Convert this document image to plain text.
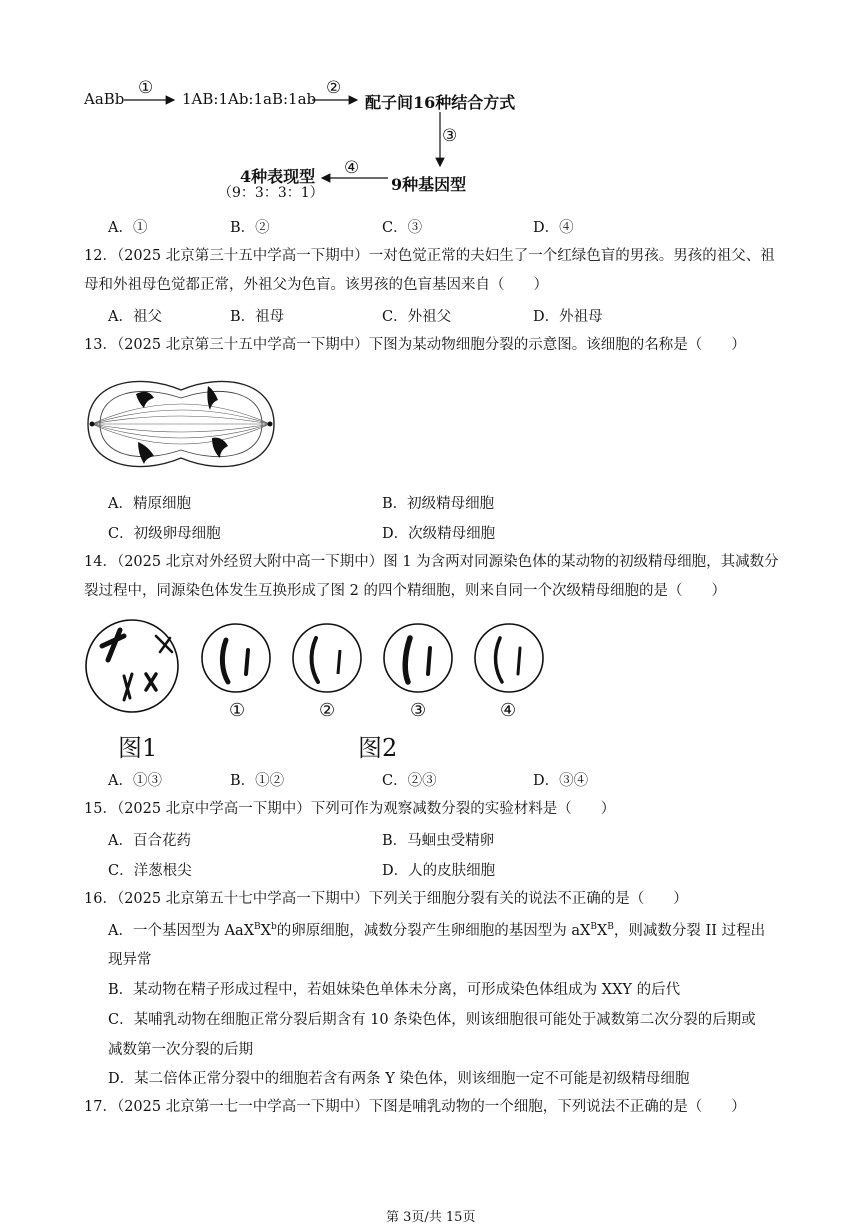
AaBb
①
1AB:1Ab:1aB:1ab
②
配子间16种结合方式
③
9种基因型
④
4种表现型
（9：3：3：1）
A．①	B．②	C．③	D．④
12．（2025 北京第三十五中学高一下期中）一对色觉正常的夫妇生了一个红绿色盲的男孩。男孩的祖父、祖
母和外祖母色觉都正常，外祖父为色盲。该男孩的色盲基因来自（　　）
A．祖父	B．祖母	C．外祖父	D．外祖母
13．（2025 北京第三十五中学高一下期中）下图为某动物细胞分裂的示意图。该细胞的名称是（　　）
A．精原细胞	B．初级精母细胞
C．初级卵母细胞	D．次级精母细胞
14．（2025 北京对外经贸大附中高一下期中）图 1 为含两对同源染色体的某动物的初级精母细胞，其减数分
裂过程中，同源染色体发生互换形成了图 2 的四个精细胞，则来自同一个次级精母细胞的是（　　）
①	②	③	④
图1	图2
A．①③	B．①②	C．②③	D．③④
15．（2025 北京中学高一下期中）下列可作为观察减数分裂的实验材料是（　　）
A．百合花药	B．马蛔虫受精卵
C．洋葱根尖	D．人的皮肤细胞
16．（2025 北京第五十七中学高一下期中）下列关于细胞分裂有关的说法不正确的是（　　）
A．一个基因型为 $AaX^BX^b$的卵原细胞，减数分裂产生卵细胞的基因型为 $aX^BX^B$，则减数分裂 II 过程出
现异常
B．某动物在精子形成过程中，若姐妹染色单体未分离，可形成染色体组成为 XXY 的后代
C．某哺乳动物在细胞正常分裂后期含有 10 条染色体，则该细胞很可能处于减数第二次分裂的后期或
减数第一次分裂的后期
D．某二倍体正常分裂中的细胞若含有两条 Y 染色体，则该细胞一定不可能是初级精母细胞
17．（2025 北京第一七一中学高一下期中）下图是哺乳动物的一个细胞，下列说法不正确的是（　　）
第 3页/共 15页
